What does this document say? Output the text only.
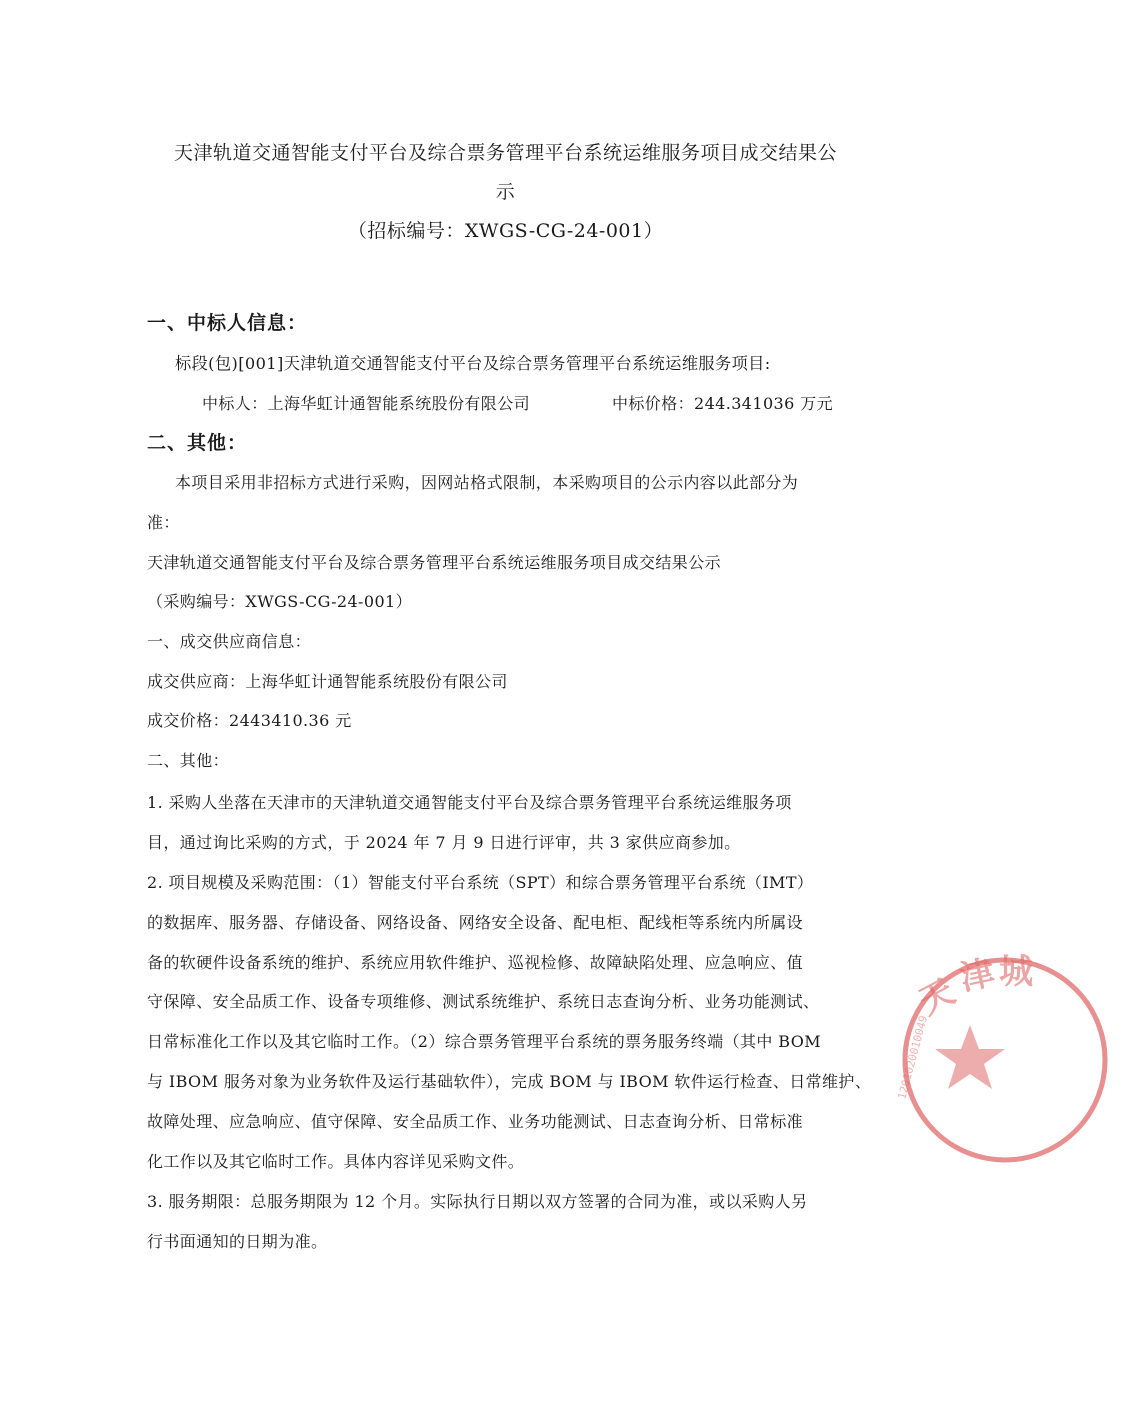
天津轨道交通智能支付平台及综合票务管理平台系统运维服务项目成交结果公
示
（招标编号：XWGS-CG-24-001）
一、中标人信息：
标段(包)[001]天津轨道交通智能支付平台及综合票务管理平台系统运维服务项目:
中标人：上海华虹计通智能系统股份有限公司	中标价格：244.341036 万元
二、其他：
本项目采用非招标方式进行采购，因网站格式限制，本采购项目的公示内容以此部分为
准：
天津轨道交通智能支付平台及综合票务管理平台系统运维服务项目成交结果公示
（采购编号：XWGS-CG-24-001）
一、成交供应商信息：
成交供应商：上海华虹计通智能系统股份有限公司
成交价格：2443410.36 元
二、其他：
1. 采购人坐落在天津市的天津轨道交通智能支付平台及综合票务管理平台系统运维服务项
目，通过询比采购的方式，于 2024 年 7 月 9 日进行评审，共 3 家供应商参加。
2. 项目规模及采购范围：（1）智能支付平台系统（SPT）和综合票务管理平台系统（IMT）
的数据库、服务器、存储设备、网络设备、网络安全设备、配电柜、配线柜等系统内所属设
备的软硬件设备系统的维护、系统应用软件维护、巡视检修、故障缺陷处理、应急响应、值
守保障、安全品质工作、设备专项维修、测试系统维护、系统日志查询分析、业务功能测试、
日常标准化工作以及其它临时工作。（2）综合票务管理平台系统的票务服务终端（其中 BOM
与 IBOM 服务对象为业务软件及运行基础软件），完成 BOM 与 IBOM 软件运行检查、日常维护、
故障处理、应急响应、值守保障、安全品质工作、业务功能测试、日志查询分析、日常标准
化工作以及其它临时工作。具体内容详见采购文件。
3. 服务期限：总服务期限为 12 个月。实际执行日期以双方签署的合同为准，或以采购人另
行书面通知的日期为准。
天
津 城
1201020010049
